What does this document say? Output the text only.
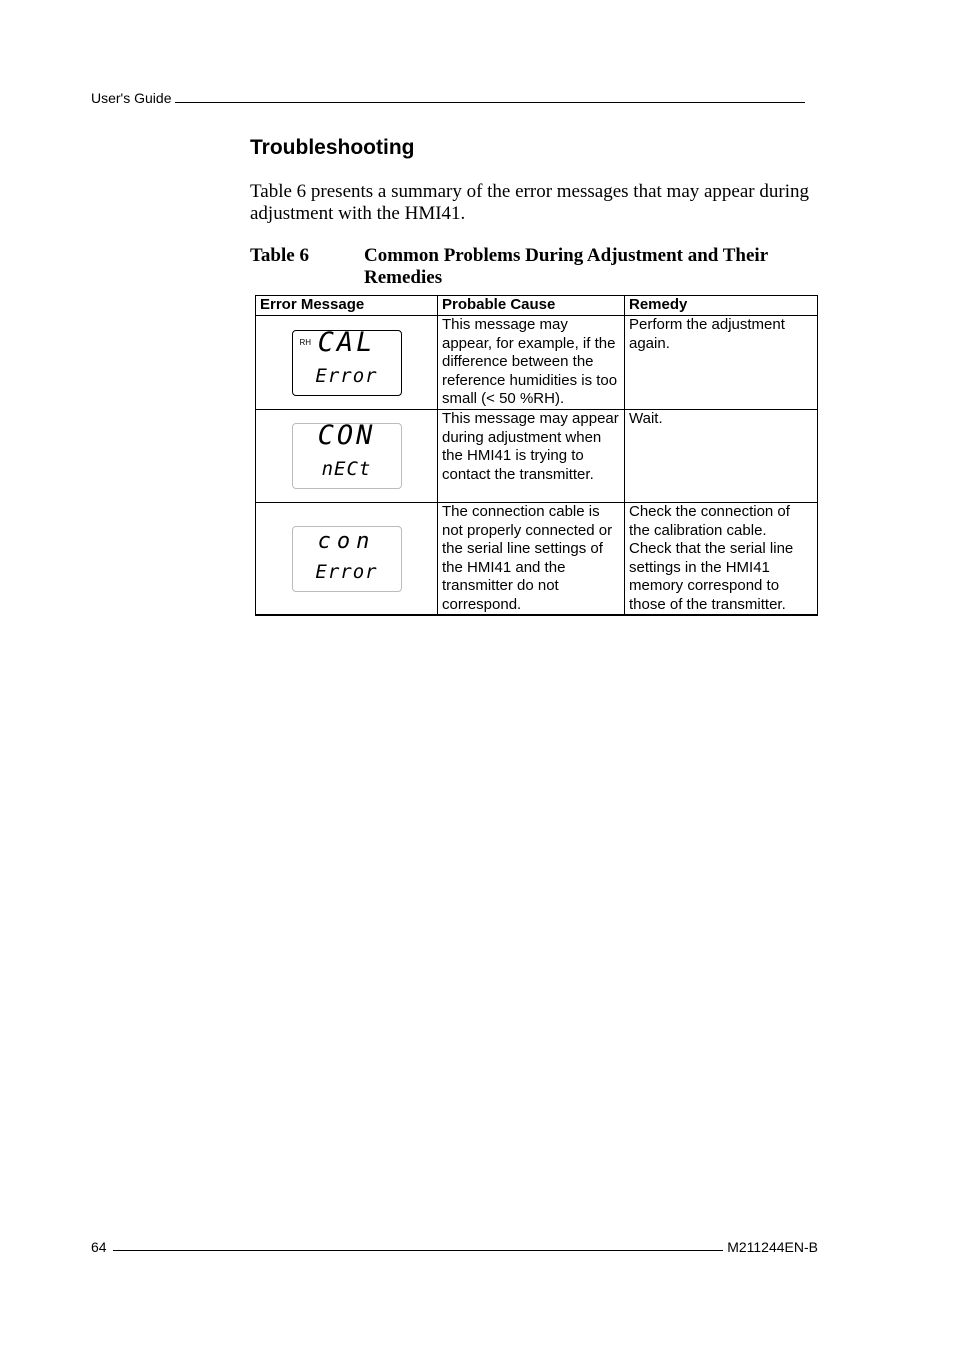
User's Guide
Troubleshooting

Table 6 presents a summary of the error messages that may appear during adjustment with the HMI41.

Table 6	Common Problems During Adjustment and Their Remedies
Error Message	Probable Cause	Remedy

RH CAL
Error	This message may appear, for example, if the difference between the reference humidities is too small (< 50 %RH).	Perform the adjustment again.

CON
nECt	This message may appear during adjustment when the HMI41 is trying to contact the transmitter.	Wait.

con
Error	The connection cable is not properly connected or the serial line settings of the HMI41 and the transmitter do not correspond.	Check the connection of the calibration cable. Check that the serial line settings in the HMI41 memory correspond to those of the transmitter.
64	M211244EN-B
